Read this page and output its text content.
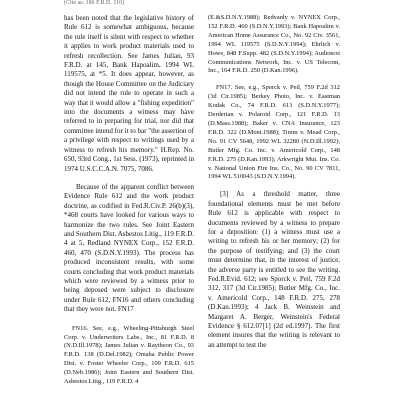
(Cite as: 186 F.R.D. 110)

has been noted that the legislative history of Rule 612 is somewhat ambiguous, because the rule itself is silent with respect to whether it applies to work product materials used to refresh recollection. See James Julian, 93 F.R.D. at 145, Bank Hapoalim, 1994 WL 119575, at *5. It does appear, however, as though the House Committee on the Judiciary did not intend the rule to operate in such a way that it would allow a "fishing expedition" into the documents a witness may have referred to in preparing for trial, nor did that committee intend for it to bar "the assertion of a privilege with respect to writings used by a witness to refresh his memory." H.Rep. No. 650, 93rd Cong., 1st Sess. (1973), reprinted in 1974 U.S.C.C.A.N. 7075, 7086.

Because of the apparent conflict between Evidence Rule 612 and the work product doctrine, as codified in Fed.R.Civ.P. 26(b)(3), *468 courts have looked for various ways to harmonize the two rules. See Joint Eastern and Southern Dist. Asbestos Litig., 119 F.R.D. 4 at 5, Redland NYNEX Corp., 152 F.R.D. 460, 470 (S.D.N.Y.1993). The process has produced inconsistent results, with some courts concluding that work product materials which were reviewed by a witness prior to being deposed were subject to disclosure under Rule 612, FN16 and others concluding that they were not. FN17

FN16. See, e.g., Wheeling-Pittsburgh Steel Corp. v. Underwriters Labs., Inc., 81 F.R.D. 8 (N.D.Ill.1978); James Julian v. Raytheon Co., 93 F.R.D. 138 (D.Del.1982); Omaha Public Power Dist. v. Foster Wheeler Corp., 109 F.R.D. 615 (D.Neb.1986); Joint Eastern and Southern Dist. Asbestos Litig., 119 F.R.D. 4

(E.&S.D.N.Y.1988); Redvanly v. NYNEX Corp., 152 F.R.D. 460 (S.D.N.Y.1993); Bank Hapoalim v. American Home Assurance Co., No. 92 Civ. 3561, 1994 WL 119575 (S.D.N.Y.1994); Ehrlich v. Howe, 848 F.Supp. 482 (S.D.N.Y.1994); Audiotext Communications Network, Inc. v. US Telecom, Inc., 164 F.R.D. 250 (D.Kan.1996).

FN17. See, e.g., Sporck v. Peil, 759 F.2d 312 (3d Cir.1985); Berkey Photo, Inc. v. Eastman Kodak Co., 74 F.R.D. 613 (S.D.N.Y.1977); Derderian v. Polaroid Corp., 121 F.R.D. 13 (D.Mass.1988); Baker v. CNA Insurance, 123 F.R.D. 322 (D.Mont.1988); Timm v. Mead Corp., No. 91 CV 5648, 1992 WL 32280 (N.D.Ill.1992); Butler Mfg. Co. Inc. v. Americold Corp., 148 F.R.D. 275 (D.Kan.1993); Arkwright Mut. Ins. Co. v. National Union Fire Ins. Co., No. 90 CV 7811, 1994 WL 510043 (S.D.N.Y.1994).

[3] As a threshold matter, three foundational elements must be met before Rule 612 is applicable with respect to documents reviewed by a witness to prepare for a deposition: (1) a witness must use a writing to refresh his or her memory; (2) for the purpose of testifying; and (3) the court must determine that, in the interest of justice, the adverse party is entitled to see the writing. Fed.R.Evid. 612; see Sporck v. Peil, 759 F.2d 312, 317 (3d Cir.1985); Butler Mfg. Co., Inc. v. Americold Corp., 148 F.R.D. 275, 278 (D.Kan.1993); 4 Jack B. Weinstein and Margaret A. Berger, Weinstein's Federal Evidence § 612.07[1] (2d ed.1997). The first element insures that the writing is relevant to an attempt to test the
